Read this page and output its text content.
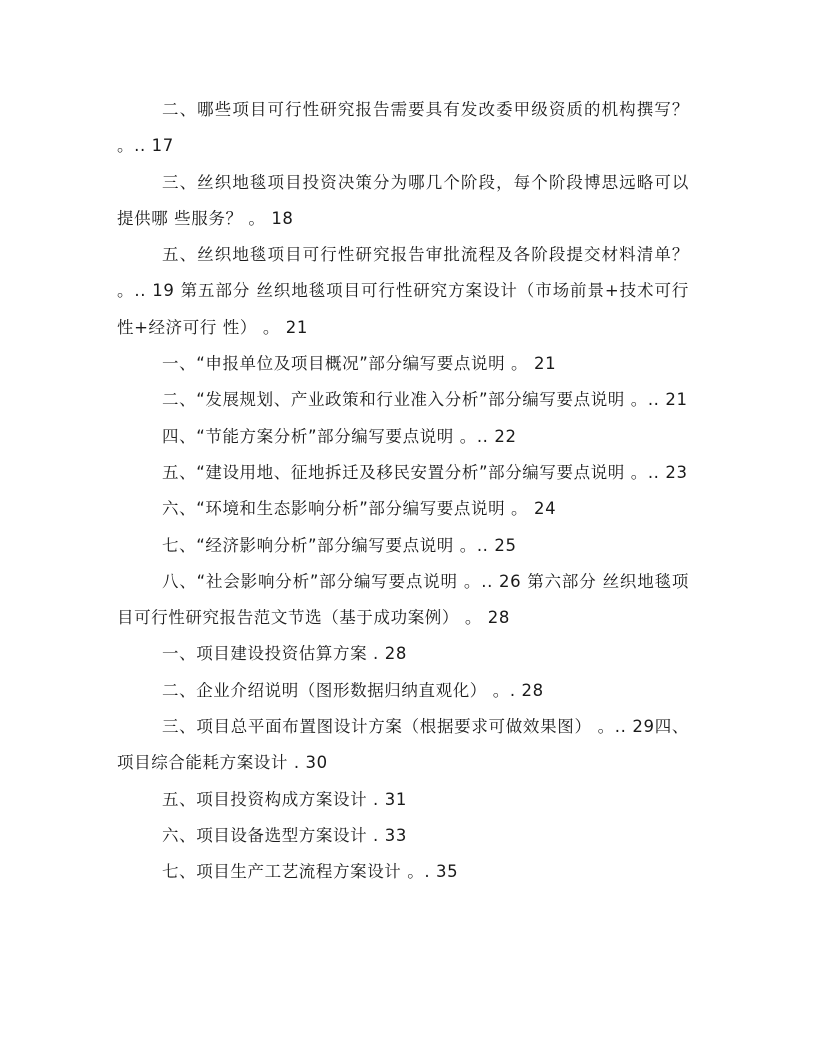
二、哪些项目可行性研究报告需要具有发改委甲级资质的机构撰写？ 。.. 17

三、丝织地毯项目投资决策分为哪几个阶段，每个阶段博思远略可以提供哪 些服务？ 。 18

五、丝织地毯项目可行性研究报告审批流程及各阶段提交材料清单？ 。.. 19 第五部分 丝织地毯项目可行性研究方案设计（市场前景+技术可行性+经济可行 性） 。 21

一、“申报单位及项目概况”部分编写要点说明 。 21

二、“发展规划、产业政策和行业准入分析”部分编写要点说明 。.. 21

四、“节能方案分析”部分编写要点说明 。.. 22

五、“建设用地、征地拆迁及移民安置分析”部分编写要点说明 。.. 23

六、“环境和生态影响分析”部分编写要点说明 。 24

七、“经济影响分析”部分编写要点说明 。.. 25

八、“社会影响分析”部分编写要点说明 。.. 26 第六部分 丝织地毯项目可行性研究报告范文节选（基于成功案例） 。 28

一、项目建设投资估算方案 . 28

二、企业介绍说明（图形数据归纳直观化） 。. 28

三、项目总平面布置图设计方案（根据要求可做效果图） 。.. 29四、项目综合能耗方案设计 . 30

五、项目投资构成方案设计 . 31

六、项目设备选型方案设计 . 33

七、项目生产工艺流程方案设计 。. 35
